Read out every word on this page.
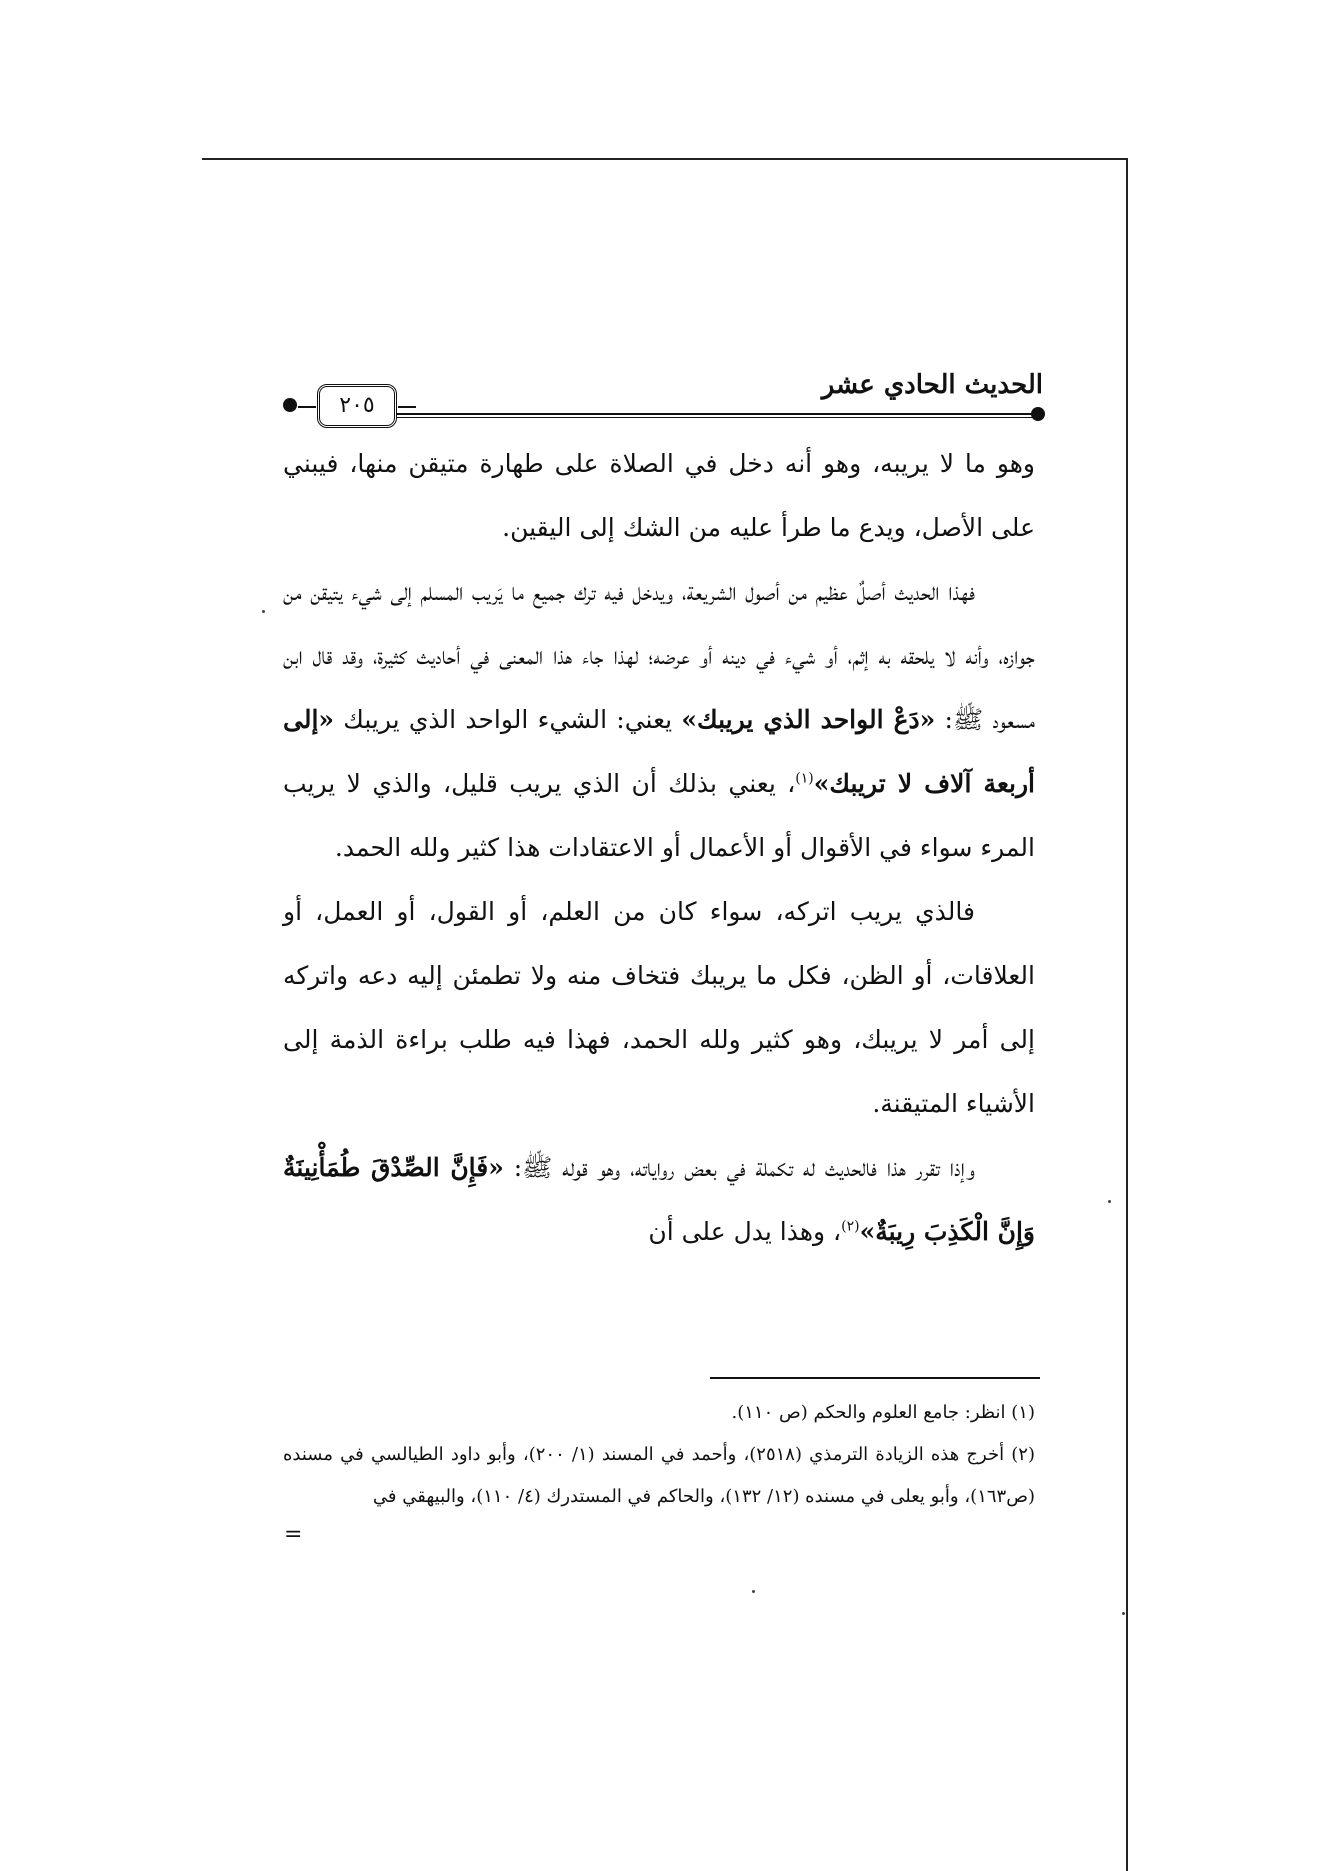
الحديث الحادي عشر
٢٠٥

وهو ما لا يريبه، وهو أنه دخل في الصلاة على طهارة متيقن منها، فيبني على الأصل، ويدع ما طرأ عليه من الشك إلى اليقين.

فهذا الحديث أصلٌ عظيم من أصول الشريعة، ويدخل فيه ترك جميع ما يَريب المسلم إلى شيء يتيقن من جوازه، وأنه لا يلحقه به إثم، أو شيء في دينه أو عرضه؛ لهذا جاء هذا المعنى في أحاديث كثيرة، وقد قال ابن مسعود ﷺ: «دَعْ الواحد الذي يريبك» يعني: الشيء الواحد الذي يريبك «إلى أربعة آلاف لا تريبك»$^{(١)}$، يعني بذلك أن الذي يريب قليل، والذي لا يريب المرء سواء في الأقوال أو الأعمال أو الاعتقادات هذا كثير ولله الحمد.

فالذي يريب اتركه، سواء كان من العلم، أو القول، أو العمل، أو العلاقات، أو الظن، فكل ما يريبك فتخاف منه ولا تطمئن إليه دعه واتركه إلى أمر لا يريبك، وهو كثير ولله الحمد، فهذا فيه طلب براءة الذمة إلى الأشياء المتيقنة.

وإذا تقرر هذا فالحديث له تكملة في بعض رواياته، وهو قوله ﷺ: «فَإِنَّ الصِّدْقَ طُمَأْنِينَةٌ وَإِنَّ الْكَذِبَ رِيبَةٌ»$^{(٢)}$، وهذا يدل على أن

(١) انظر: جامع العلوم والحكم (ص ١١٠).

(٢) أخرج هذه الزيادة الترمذي (٢٥١٨)، وأحمد في المسند (١/ ٢٠٠)، وأبو داود الطيالسي في مسنده (ص١٦٣)، وأبو يعلى في مسنده (١٢/ ١٣٢)، والحاكم في المستدرك (٤/ ١١٠)، والبيهقي في

=
